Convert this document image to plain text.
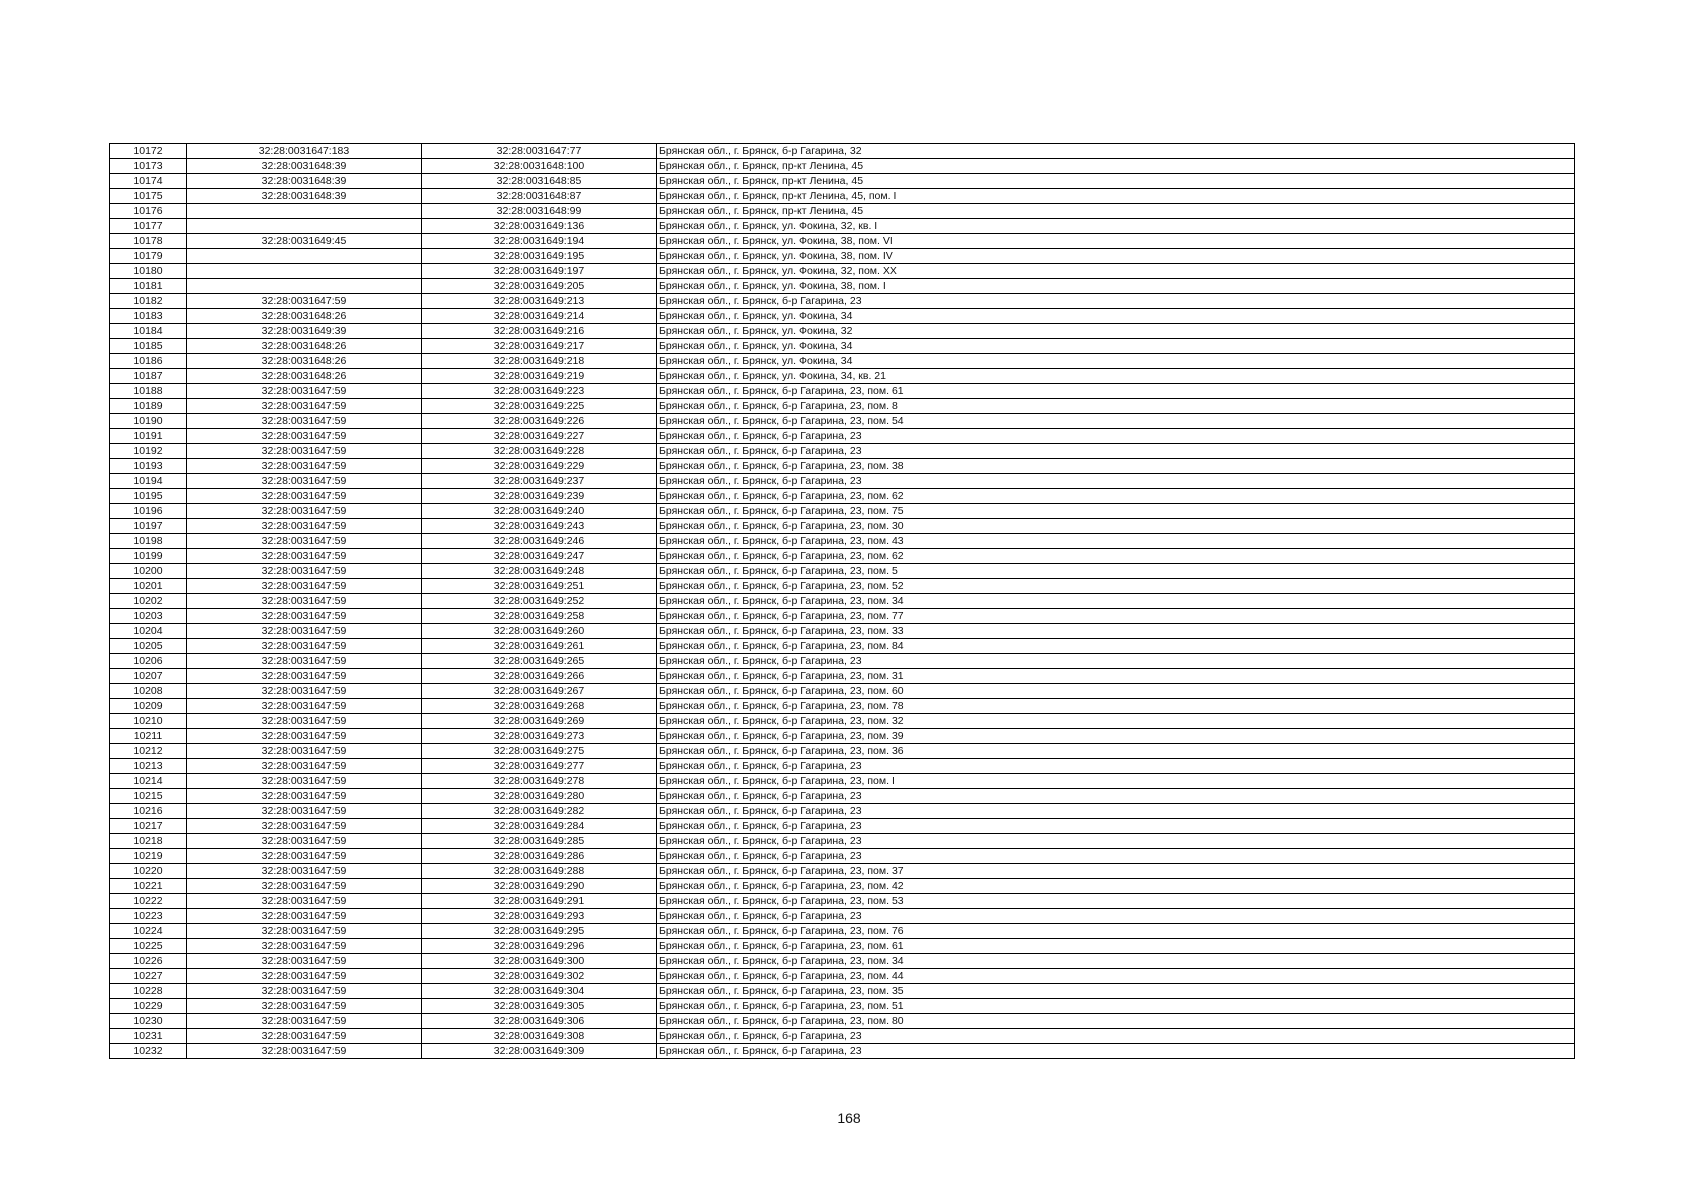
10172	32:28:0031647:183	32:28:0031647:77	Брянская обл., г. Брянск, б-р Гагарина, 32
10173	32:28:0031648:39	32:28:0031648:100	Брянская обл., г. Брянск, пр-кт Ленина, 45
10174	32:28:0031648:39	32:28:0031648:85	Брянская обл., г. Брянск, пр-кт Ленина, 45
10175	32:28:0031648:39	32:28:0031648:87	Брянская обл., г. Брянск, пр-кт Ленина, 45, пом. I
10176		32:28:0031648:99	Брянская обл., г. Брянск, пр-кт Ленина, 45
10177		32:28:0031649:136	Брянская обл., г. Брянск, ул. Фокина, 32, кв. I
10178	32:28:0031649:45	32:28:0031649:194	Брянская обл., г. Брянск, ул. Фокина, 38, пом. VI
10179		32:28:0031649:195	Брянская обл., г. Брянск, ул. Фокина, 38, пом. IV
10180		32:28:0031649:197	Брянская обл., г. Брянск, ул. Фокина, 32, пом. XX
10181		32:28:0031649:205	Брянская обл., г. Брянск, ул. Фокина, 38, пом. I
10182	32:28:0031647:59	32:28:0031649:213	Брянская обл., г. Брянск, б-р Гагарина, 23
10183	32:28:0031648:26	32:28:0031649:214	Брянская обл., г. Брянск, ул. Фокина, 34
10184	32:28:0031649:39	32:28:0031649:216	Брянская обл., г. Брянск, ул. Фокина, 32
10185	32:28:0031648:26	32:28:0031649:217	Брянская обл., г. Брянск, ул. Фокина, 34
10186	32:28:0031648:26	32:28:0031649:218	Брянская обл., г. Брянск, ул. Фокина, 34
10187	32:28:0031648:26	32:28:0031649:219	Брянская обл., г. Брянск, ул. Фокина, 34, кв. 21
10188	32:28:0031647:59	32:28:0031649:223	Брянская обл., г. Брянск, б-р Гагарина, 23, пом. 61
10189	32:28:0031647:59	32:28:0031649:225	Брянская обл., г. Брянск, б-р Гагарина, 23, пом. 8
10190	32:28:0031647:59	32:28:0031649:226	Брянская обл., г. Брянск, б-р Гагарина, 23, пом. 54
10191	32:28:0031647:59	32:28:0031649:227	Брянская обл., г. Брянск, б-р Гагарина, 23
10192	32:28:0031647:59	32:28:0031649:228	Брянская обл., г. Брянск, б-р Гагарина, 23
10193	32:28:0031647:59	32:28:0031649:229	Брянская обл., г. Брянск, б-р Гагарина, 23, пом. 38
10194	32:28:0031647:59	32:28:0031649:237	Брянская обл., г. Брянск, б-р Гагарина, 23
10195	32:28:0031647:59	32:28:0031649:239	Брянская обл., г. Брянск, б-р Гагарина, 23, пом. 62
10196	32:28:0031647:59	32:28:0031649:240	Брянская обл., г. Брянск, б-р Гагарина, 23, пом. 75
10197	32:28:0031647:59	32:28:0031649:243	Брянская обл., г. Брянск, б-р Гагарина, 23, пом. 30
10198	32:28:0031647:59	32:28:0031649:246	Брянская обл., г. Брянск, б-р Гагарина, 23, пом. 43
10199	32:28:0031647:59	32:28:0031649:247	Брянская обл., г. Брянск, б-р Гагарина, 23, пом. 62
10200	32:28:0031647:59	32:28:0031649:248	Брянская обл., г. Брянск, б-р Гагарина, 23, пом. 5
10201	32:28:0031647:59	32:28:0031649:251	Брянская обл., г. Брянск, б-р Гагарина, 23, пом. 52
10202	32:28:0031647:59	32:28:0031649:252	Брянская обл., г. Брянск, б-р Гагарина, 23, пом. 34
10203	32:28:0031647:59	32:28:0031649:258	Брянская обл., г. Брянск, б-р Гагарина, 23, пом. 77
10204	32:28:0031647:59	32:28:0031649:260	Брянская обл., г. Брянск, б-р Гагарина, 23, пом. 33
10205	32:28:0031647:59	32:28:0031649:261	Брянская обл., г. Брянск, б-р Гагарина, 23, пом. 84
10206	32:28:0031647:59	32:28:0031649:265	Брянская обл., г. Брянск, б-р Гагарина, 23
10207	32:28:0031647:59	32:28:0031649:266	Брянская обл., г. Брянск, б-р Гагарина, 23, пом. 31
10208	32:28:0031647:59	32:28:0031649:267	Брянская обл., г. Брянск, б-р Гагарина, 23, пом. 60
10209	32:28:0031647:59	32:28:0031649:268	Брянская обл., г. Брянск, б-р Гагарина, 23, пом. 78
10210	32:28:0031647:59	32:28:0031649:269	Брянская обл., г. Брянск, б-р Гагарина, 23, пом. 32
10211	32:28:0031647:59	32:28:0031649:273	Брянская обл., г. Брянск, б-р Гагарина, 23, пом. 39
10212	32:28:0031647:59	32:28:0031649:275	Брянская обл., г. Брянск, б-р Гагарина, 23, пом. 36
10213	32:28:0031647:59	32:28:0031649:277	Брянская обл., г. Брянск, б-р Гагарина, 23
10214	32:28:0031647:59	32:28:0031649:278	Брянская обл., г. Брянск, б-р Гагарина, 23, пом. I
10215	32:28:0031647:59	32:28:0031649:280	Брянская обл., г. Брянск, б-р Гагарина, 23
10216	32:28:0031647:59	32:28:0031649:282	Брянская обл., г. Брянск, б-р Гагарина, 23
10217	32:28:0031647:59	32:28:0031649:284	Брянская обл., г. Брянск, б-р Гагарина, 23
10218	32:28:0031647:59	32:28:0031649:285	Брянская обл., г. Брянск, б-р Гагарина, 23
10219	32:28:0031647:59	32:28:0031649:286	Брянская обл., г. Брянск, б-р Гагарина, 23
10220	32:28:0031647:59	32:28:0031649:288	Брянская обл., г. Брянск, б-р Гагарина, 23, пом. 37
10221	32:28:0031647:59	32:28:0031649:290	Брянская обл., г. Брянск, б-р Гагарина, 23, пом. 42
10222	32:28:0031647:59	32:28:0031649:291	Брянская обл., г. Брянск, б-р Гагарина, 23, пом. 53
10223	32:28:0031647:59	32:28:0031649:293	Брянская обл., г. Брянск, б-р Гагарина, 23
10224	32:28:0031647:59	32:28:0031649:295	Брянская обл., г. Брянск, б-р Гагарина, 23, пом. 76
10225	32:28:0031647:59	32:28:0031649:296	Брянская обл., г. Брянск, б-р Гагарина, 23, пом. 61
10226	32:28:0031647:59	32:28:0031649:300	Брянская обл., г. Брянск, б-р Гагарина, 23, пом. 34
10227	32:28:0031647:59	32:28:0031649:302	Брянская обл., г. Брянск, б-р Гагарина, 23, пом. 44
10228	32:28:0031647:59	32:28:0031649:304	Брянская обл., г. Брянск, б-р Гагарина, 23, пом. 35
10229	32:28:0031647:59	32:28:0031649:305	Брянская обл., г. Брянск, б-р Гагарина, 23, пом. 51
10230	32:28:0031647:59	32:28:0031649:306	Брянская обл., г. Брянск, б-р Гагарина, 23, пом. 80
10231	32:28:0031647:59	32:28:0031649:308	Брянская обл., г. Брянск, б-р Гагарина, 23
10232	32:28:0031647:59	32:28:0031649:309	Брянская обл., г. Брянск, б-р Гагарина, 23
168
